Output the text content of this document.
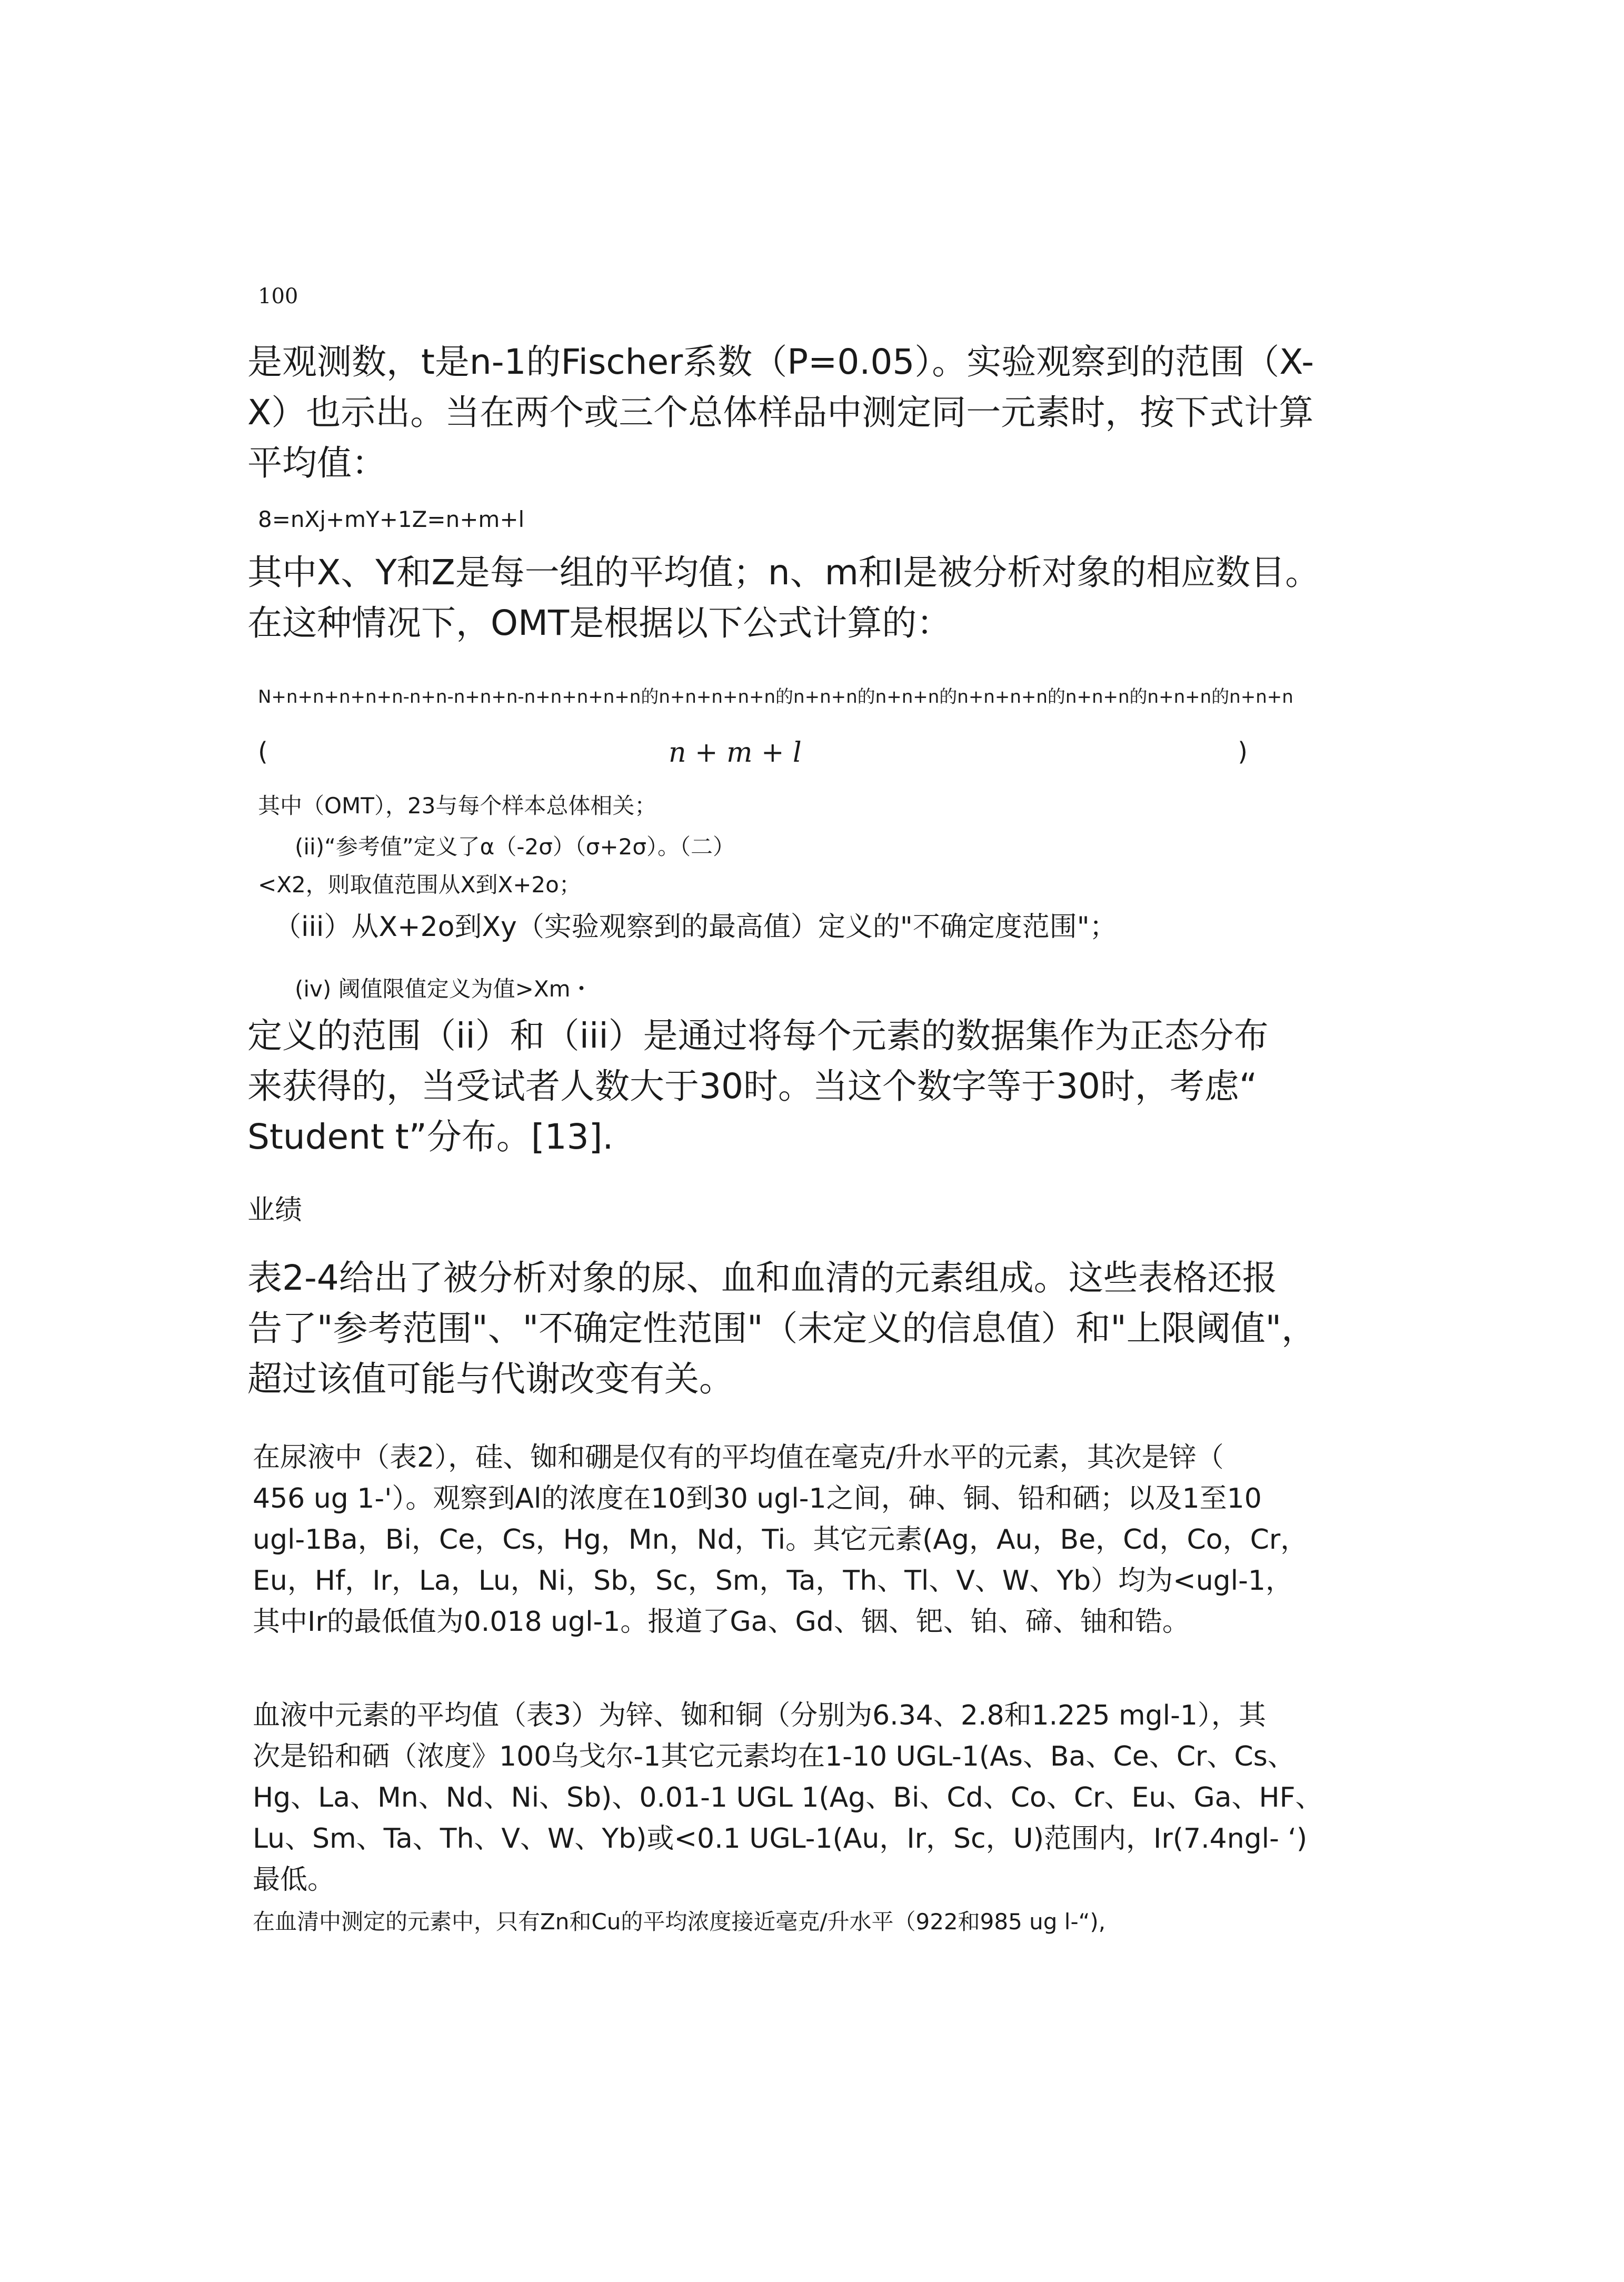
100

是观测数，t是n-1的Fischer系数（P=0.05）。实验观察到的范围（X-
X）也示出。当在两个或三个总体样品中测定同一元素时，按下式计算
平均值：

8=nXj+mY+1Z=n+m+l

其中X、Y和Z是每一组的平均值；n、m和l是被分析对象的相应数目。
在这种情况下，OMT是根据以下公式计算的：

N+n+n+n+n+n-n+n-n+n+n-n+n+n+n+n的n+n+n+n+n的n+n+n的n+n+n的n+n+n+n的n+n+n的n+n+n的n+n+n
(	n + m + l	)
其中（OMT），23与每个样本总体相关；
(ii)“参考值”定义了α（-2σ）（σ+2σ）。（二）
<X2，则取值范围从X到X+2o；
（iii）从X+2o到Xy（实验观察到的最高值）定义的"不确定度范围"；
(iv) 阈值限值定义为值>Xm・

定义的范围（ii）和（iii）是通过将每个元素的数据集作为正态分布
来获得的，当受试者人数大于30时。当这个数字等于30时，考虑“
Student t”分布。[13].

业绩

表2-4给出了被分析对象的尿、血和血清的元素组成。这些表格还报
告了"参考范围"、"不确定性范围"（未定义的信息值）和"上限阈值"，
超过该值可能与代谢改变有关。

在尿液中（表2），硅、铷和硼是仅有的平均值在毫克/升水平的元素，其次是锌（
456 ug 1-'）。观察到Al的浓度在10到30 ugl-1之间，砷、铜、铅和硒；以及1至10
ugl-1Ba，Bi，Ce，Cs，Hg，Mn，Nd，Ti。其它元素(Ag，Au，Be，Cd，Co，Cr，
Eu，Hf，Ir，La，Lu，Ni，Sb，Sc，Sm，Ta，Th、Tl、V、W、Yb）均为<ugl-1，
其中Ir的最低值为0.018 ugl-1。报道了Ga、Gd、铟、钯、铂、碲、铀和锆。

血液中元素的平均值（表3）为锌、铷和铜（分别为6.34、2.8和1.225 mgl-1），其
次是铅和硒（浓度》100乌戈尔-1其它元素均在1-10 UGL-1(As、Ba、Ce、Cr、Cs、
Hg、La、Mn、Nd、Ni、Sb)、0.01-1 UGL 1(Ag、Bi、Cd、Co、Cr、Eu、Ga、HF、
Lu、Sm、Ta、Th、V、W、Yb)或<0.1 UGL-1(Au，Ir，Sc，U)范围内，Ir(7.4ngl- ‘)
最低。

在血清中测定的元素中，只有Zn和Cu的平均浓度接近毫克/升水平（922和985 ug l-“),
